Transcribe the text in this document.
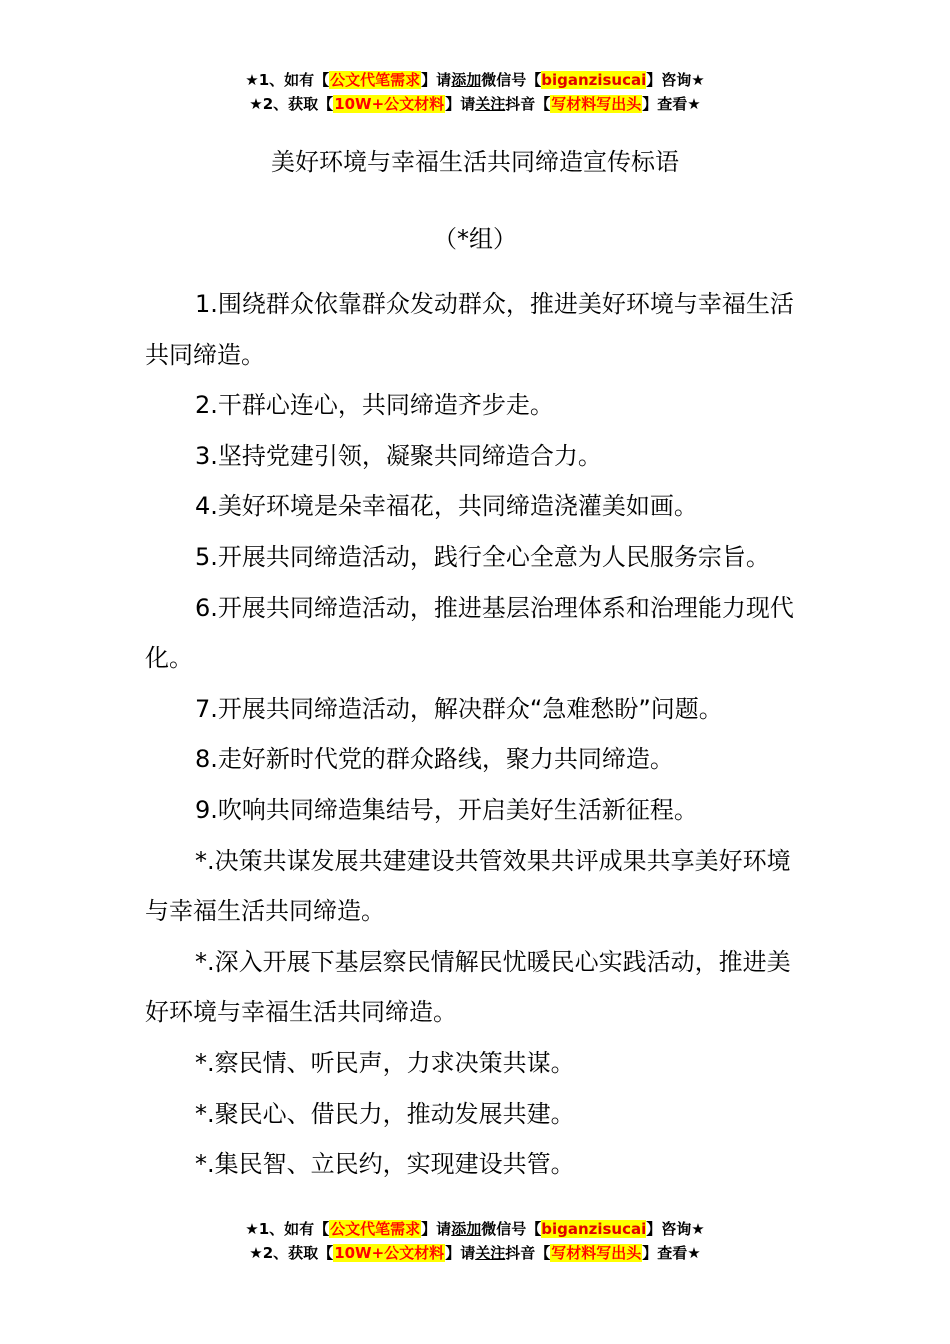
★1、如有【公文代笔需求】请添加微信号【biganzisucai】咨询★
★2、获取【10W+公文材料】请关注抖音【写材料写出头】查看★
美好环境与幸福生活共同缔造宣传标语
（*组）

1.围绕群众依靠群众发动群众，推进美好环境与幸福生活共同缔造。

2.干群心连心，共同缔造齐步走。

3.坚持党建引领，凝聚共同缔造合力。

4.美好环境是朵幸福花，共同缔造浇灌美如画。

5.开展共同缔造活动，践行全心全意为人民服务宗旨。

6.开展共同缔造活动，推进基层治理体系和治理能力现代化。

7.开展共同缔造活动，解决群众“急难愁盼”问题。

8.走好新时代党的群众路线，聚力共同缔造。

9.吹响共同缔造集结号，开启美好生活新征程。

*.决策共谋发展共建建设共管效果共评成果共享美好环境与幸福生活共同缔造。

*.深入开展下基层察民情解民忧暖民心实践活动，推进美好环境与幸福生活共同缔造。

*.察民情、听民声，力求决策共谋。

*.聚民心、借民力，推动发展共建。

*.集民智、立民约，实现建设共管。

★1、如有【公文代笔需求】请添加微信号【biganzisucai】咨询★
★2、获取【10W+公文材料】请关注抖音【写材料写出头】查看★
